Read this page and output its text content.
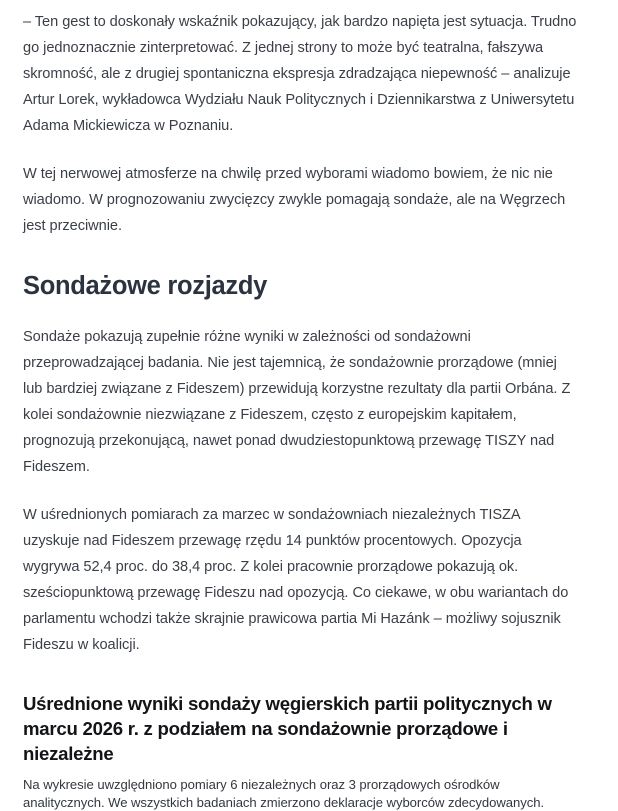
– Ten gest to doskonały wskaźnik pokazujący, jak bardzo napięta jest sytuacja. Trudno go jednoznacznie zinterpretować. Z jednej strony to może być teatralna, fałszywa skromność, ale z drugiej spontaniczna ekspresja zdradzająca niepewność – analizuje Artur Lorek, wykładowca Wydziału Nauk Politycznych i Dziennikarstwa z Uniwersytetu Adama Mickiewicza w Poznaniu.

W tej nerwowej atmosferze na chwilę przed wyborami wiadomo bowiem, że nic nie wiadomo. W prognozowaniu zwycięzcy zwykle pomagają sondaże, ale na Węgrzech jest przeciwnie.

Sondażowe rozjazdy

Sondaże pokazują zupełnie różne wyniki w zależności od sondażowni przeprowadzającej badania. Nie jest tajemnicą, że sondażownie prorządowe (mniej lub bardziej związane z Fideszem) przewidują korzystne rezultaty dla partii Orbána. Z kolei sondażownie niezwiązane z Fideszem, często z europejskim kapitałem, prognozują przekonującą, nawet ponad dwudziestopunktową przewagę TISZY nad Fideszem.

W uśrednionych pomiarach za marzec w sondażowniach niezależnych TISZA uzyskuje nad Fideszem przewagę rzędu 14 punktów procentowych. Opozycja wygrywa 52,4 proc. do 38,4 proc. Z kolei pracownie prorządowe pokazują ok. sześciopunktową przewagę Fideszu nad opozycją. Co ciekawe, w obu wariantach do parlamentu wchodzi także skrajnie prawicowa partia Mi Hazánk – możliwy sojusznik Fideszu w koalicji.

Uśrednione wyniki sondaży węgierskich partii politycznych w marcu 2026 r. z podziałem na sondażownie prorządowe i niezależne

Na wykresie uwzględniono pomiary 6 niezależnych oraz 3 prorządowych ośrodków analitycznych. We wszystkich badaniach zmierzono deklaracje wyborców zdecydowanych.
